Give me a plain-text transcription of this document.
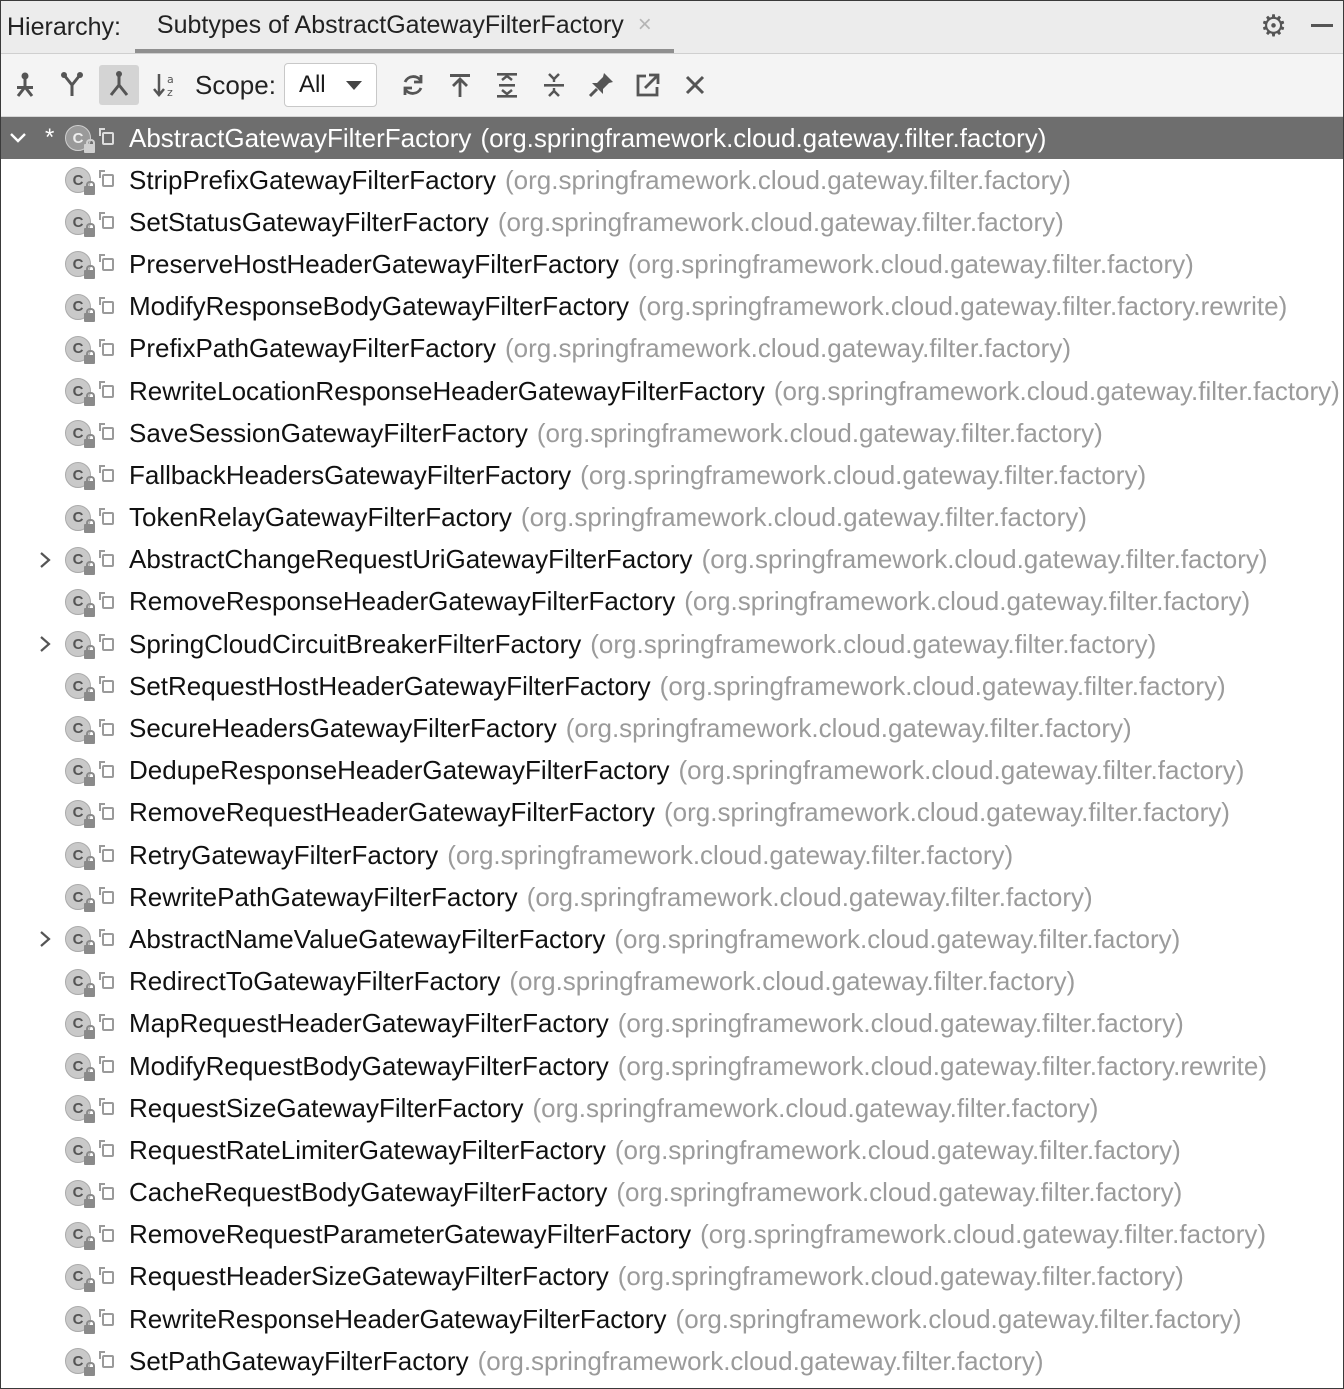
Hierarchy: Subtypes of AbstractGatewayFilterFactory ×	⚙
a
z Scope: All
*	C AbstractGatewayFilterFactory (org.springframework.cloud.gateway.filter.factory)
C StripPrefixGatewayFilterFactory (org.springframework.cloud.gateway.filter.factory)
C SetStatusGatewayFilterFactory (org.springframework.cloud.gateway.filter.factory)
C PreserveHostHeaderGatewayFilterFactory (org.springframework.cloud.gateway.filter.factory)
C ModifyResponseBodyGatewayFilterFactory (org.springframework.cloud.gateway.filter.factory.rewrite)
C PrefixPathGatewayFilterFactory (org.springframework.cloud.gateway.filter.factory)
C RewriteLocationResponseHeaderGatewayFilterFactory (org.springframework.cloud.gateway.filter.factory)
C SaveSessionGatewayFilterFactory (org.springframework.cloud.gateway.filter.factory)
C FallbackHeadersGatewayFilterFactory (org.springframework.cloud.gateway.filter.factory)
C TokenRelayGatewayFilterFactory (org.springframework.cloud.gateway.filter.factory)
C AbstractChangeRequestUriGatewayFilterFactory (org.springframework.cloud.gateway.filter.factory)
C RemoveResponseHeaderGatewayFilterFactory (org.springframework.cloud.gateway.filter.factory)
C SpringCloudCircuitBreakerFilterFactory (org.springframework.cloud.gateway.filter.factory)
C SetRequestHostHeaderGatewayFilterFactory (org.springframework.cloud.gateway.filter.factory)
C SecureHeadersGatewayFilterFactory (org.springframework.cloud.gateway.filter.factory)
C DedupeResponseHeaderGatewayFilterFactory (org.springframework.cloud.gateway.filter.factory)
C RemoveRequestHeaderGatewayFilterFactory (org.springframework.cloud.gateway.filter.factory)
C RetryGatewayFilterFactory (org.springframework.cloud.gateway.filter.factory)
C RewritePathGatewayFilterFactory (org.springframework.cloud.gateway.filter.factory)
C AbstractNameValueGatewayFilterFactory (org.springframework.cloud.gateway.filter.factory)
C RedirectToGatewayFilterFactory (org.springframework.cloud.gateway.filter.factory)
C MapRequestHeaderGatewayFilterFactory (org.springframework.cloud.gateway.filter.factory)
C ModifyRequestBodyGatewayFilterFactory (org.springframework.cloud.gateway.filter.factory.rewrite)
C RequestSizeGatewayFilterFactory (org.springframework.cloud.gateway.filter.factory)
C RequestRateLimiterGatewayFilterFactory (org.springframework.cloud.gateway.filter.factory)
C CacheRequestBodyGatewayFilterFactory (org.springframework.cloud.gateway.filter.factory)
C RemoveRequestParameterGatewayFilterFactory (org.springframework.cloud.gateway.filter.factory)
C RequestHeaderSizeGatewayFilterFactory (org.springframework.cloud.gateway.filter.factory)
C RewriteResponseHeaderGatewayFilterFactory (org.springframework.cloud.gateway.filter.factory)
C SetPathGatewayFilterFactory (org.springframework.cloud.gateway.filter.factory)
